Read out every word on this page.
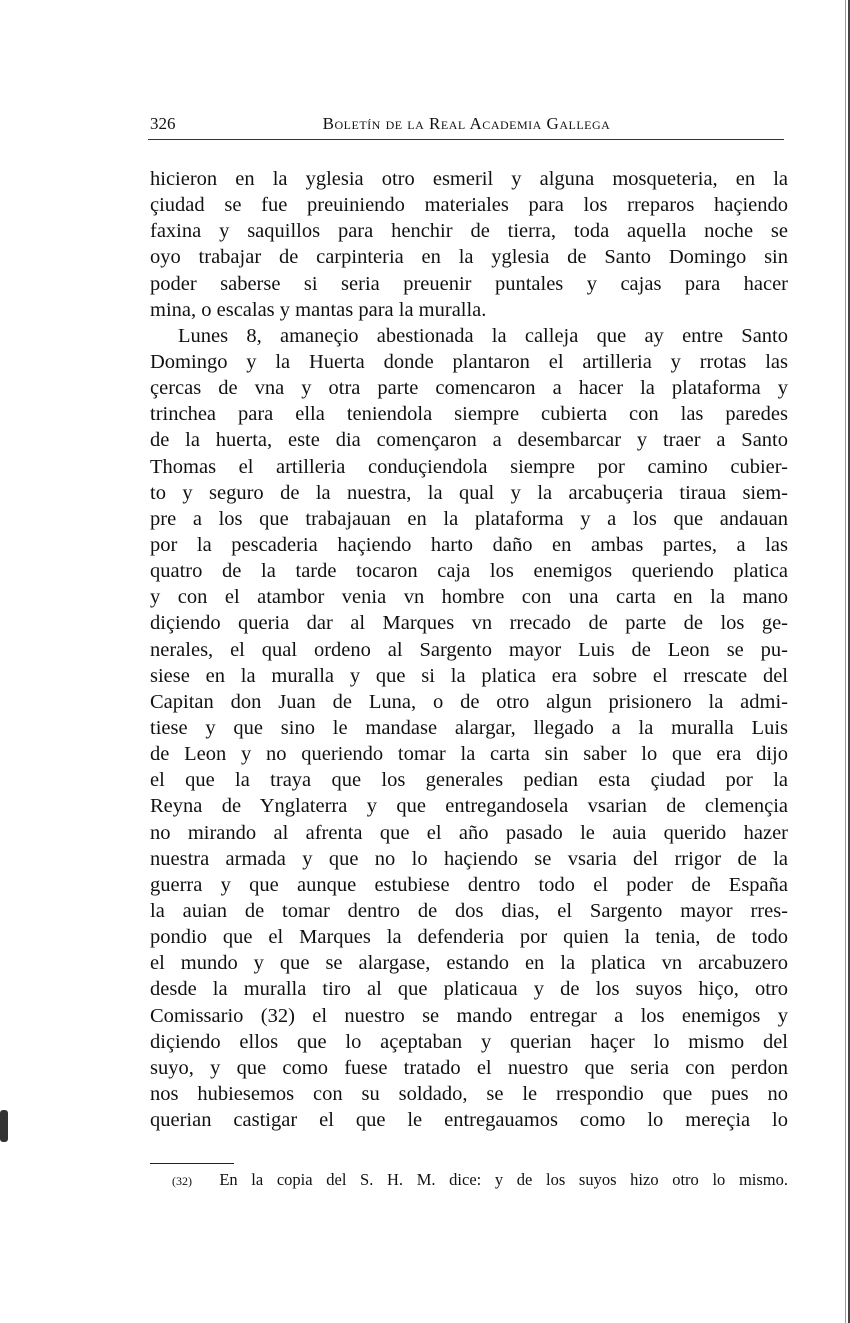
326	Boletín de la Real Academia Gallega
hicieron en la yglesia otro esmeril y alguna mosqueteria, en la
çiudad se fue preuiniendo materiales para los rreparos haçiendo
faxina y saquillos para henchir de tierra, toda aquella noche se
oyo trabajar de carpinteria en la yglesia de Santo Domingo sin
poder saberse si seria preuenir puntales y cajas para hacer
mina, o escalas y mantas para la muralla.
Lunes 8, amaneçio abestionada la calleja que ay entre Santo
Domingo y la Huerta donde plantaron el artilleria y rrotas las
çercas de vna y otra parte comencaron a hacer la plataforma y
trinchea para ella teniendola siempre cubierta con las paredes
de la huerta, este dia començaron a desembarcar y traer a Santo
Thomas el artilleria conduçiendola siempre por camino cubier-
to y seguro de la nuestra, la qual y la arcabuçeria tiraua siem-
pre a los que trabajauan en la plataforma y a los que andauan
por la pescaderia haçiendo harto daño en ambas partes, a las
quatro de la tarde tocaron caja los enemigos queriendo platica
y con el atambor venia vn hombre con una carta en la mano
diçiendo queria dar al Marques vn rrecado de parte de los ge-
nerales, el qual ordeno al Sargento mayor Luis de Leon se pu-
siese en la muralla y que si la platica era sobre el rrescate del
Capitan don Juan de Luna, o de otro algun prisionero la admi-
tiese y que sino le mandase alargar, llegado a la muralla Luis
de Leon y no queriendo tomar la carta sin saber lo que era dijo
el que la traya que los generales pedian esta çiudad por la
Reyna de Ynglaterra y que entregandosela vsarian de clemençia
no mirando al afrenta que el año pasado le auia querido hazer
nuestra armada y que no lo haçiendo se vsaria del rrigor de la
guerra y que aunque estubiese dentro todo el poder de España
la auian de tomar dentro de dos dias, el Sargento mayor rres-
pondio que el Marques la defenderia por quien la tenia, de todo
el mundo y que se alargase, estando en la platica vn arcabuzero
desde la muralla tiro al que platicaua y de los suyos hiço, otro
Comissario (32) el nuestro se mando entregar a los enemigos y
diçiendo ellos que lo açeptaban y querian haçer lo mismo del
suyo, y que como fuese tratado el nuestro que seria con perdon
nos hubiesemos con su soldado, se le rrespondio que pues no
querian castigar el que le entregauamos como lo mereçia lo
(32) En la copia del S. H. M. dice: y de los suyos hizo otro lo mismo.
